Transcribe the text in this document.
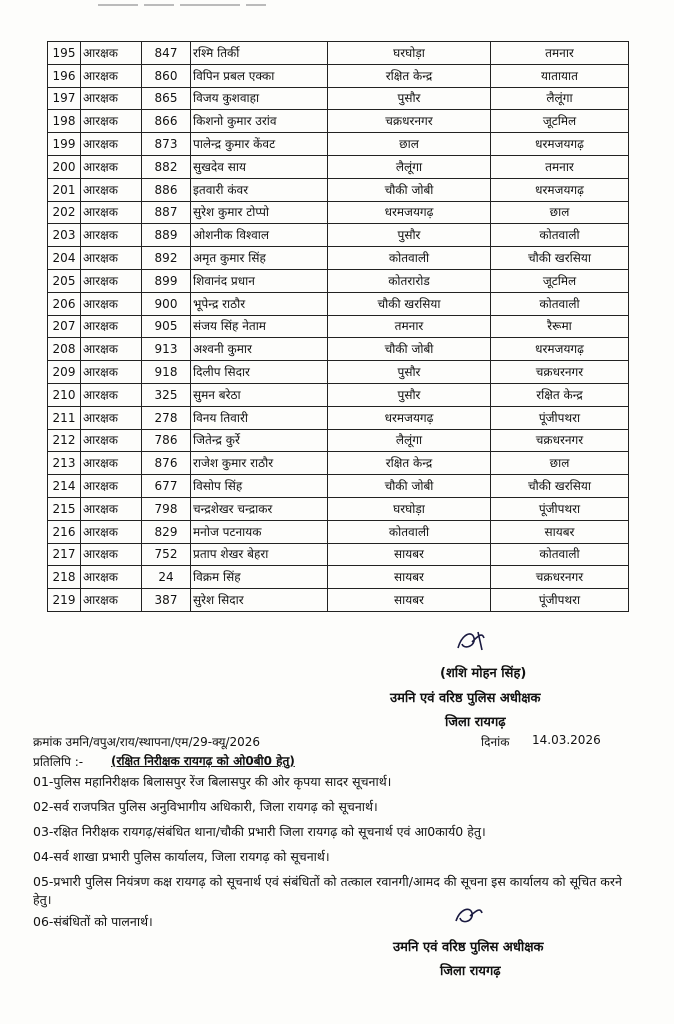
195	आरक्षक	847	रश्मि तिर्की	घरघोड़ा	तमनार
196	आरक्षक	860	विपिन प्रबल एक्का	रक्षित केन्द्र	यातायात
197	आरक्षक	865	विजय कुशवाहा	पुसौर	लैलूंगा
198	आरक्षक	866	किशनो कुमार उरांव	चक्रधरनगर	जूटमिल
199	आरक्षक	873	पालेन्द्र कुमार केंवट	छाल	धरमजयगढ़
200	आरक्षक	882	सुखदेव साय	लैलूंगा	तमनार
201	आरक्षक	886	इतवारी कंवर	चौकी जोबी	धरमजयगढ़
202	आरक्षक	887	सुरेश कुमार टोप्पो	धरमजयगढ़	छाल
203	आरक्षक	889	ओशनीक विश्वाल	पुसौर	कोतवाली
204	आरक्षक	892	अमृत कुमार सिंह	कोतवाली	चौकी खरसिया
205	आरक्षक	899	शिवानंद प्रधान	कोतरारोड	जूटमिल
206	आरक्षक	900	भूपेन्द्र राठौर	चौकी खरसिया	कोतवाली
207	आरक्षक	905	संजय सिंह नेताम	तमनार	रैरूमा
208	आरक्षक	913	अश्वनी कुमार	चौकी जोबी	धरमजयगढ़
209	आरक्षक	918	दिलीप सिदार	पुसौर	चक्रधरनगर
210	आरक्षक	325	सुमन बरेठा	पुसौर	रक्षित केन्द्र
211	आरक्षक	278	विनय तिवारी	धरमजयगढ़	पूंजीपथरा
212	आरक्षक	786	जितेन्द्र कुर्रे	लैलूंगा	चक्रधरनगर
213	आरक्षक	876	राजेश कुमार राठौर	रक्षित केन्द्र	छाल
214	आरक्षक	677	विसोप सिंह	चौकी जोबी	चौकी खरसिया
215	आरक्षक	798	चन्द्रशेखर चन्द्राकर	घरघोड़ा	पूंजीपथरा
216	आरक्षक	829	मनोज पटनायक	कोतवाली	सायबर
217	आरक्षक	752	प्रताप शेखर बेहरा	सायबर	कोतवाली
218	आरक्षक	24	विक्रम सिंह	सायबर	चक्रधरनगर
219	आरक्षक	387	सुरेश सिदार	सायबर	पूंजीपथरा
(शशि मोहन सिंह)
उमनि एवं वरिष्ठ पुलिस अधीक्षक
जिला रायगढ़
क्रमांक उमनि/वपुअ/राय/स्थापना/एम/29-क्यू/2026	दिनांक 14.03.2026
प्रतिलिपि :- (रक्षित निरीक्षक रायगढ़ को ओ0बी0 हेतु)
01-पुलिस महानिरीक्षक बिलासपुर रेंज बिलासपुर की ओर कृपया सादर सूचनार्थ।
02-सर्व राजपत्रित पुलिस अनुविभागीय अधिकारी, जिला रायगढ़ को सूचनार्थ।
03-रक्षित निरीक्षक रायगढ़/संबंधित थाना/चौकी प्रभारी जिला रायगढ़ को सूचनार्थ एवं आ0कार्य0 हेतु।
04-सर्व शाखा प्रभारी पुलिस कार्यालय, जिला रायगढ़ को सूचनार्थ।
05-प्रभारी पुलिस नियंत्रण कक्ष रायगढ़ को सूचनार्थ एवं संबंधितों को तत्काल रवानगी/आमद की सूचना इस कार्यालय को सूचित करने हेतु।
06-संबंधितों को पालनार्थ।
उमनि एवं वरिष्ठ पुलिस अधीक्षक
जिला रायगढ़
